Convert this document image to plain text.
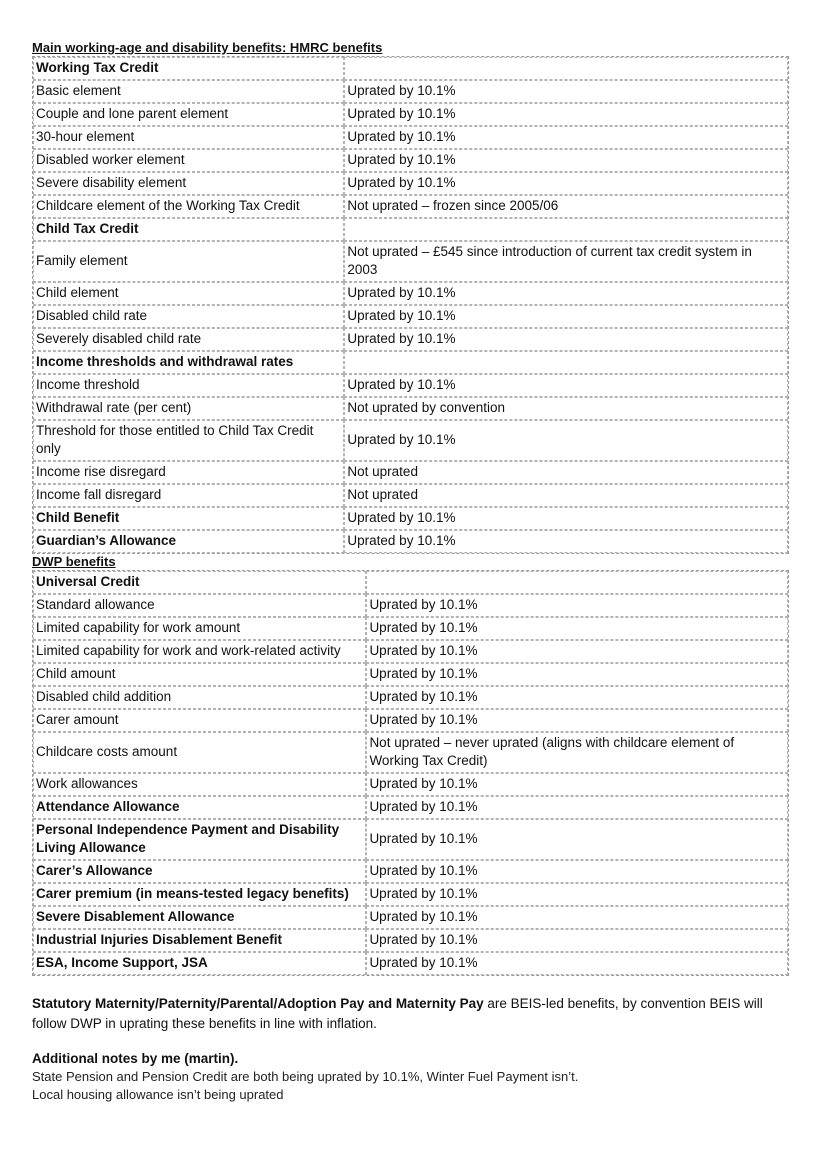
Main working-age and disability benefits: HMRC benefits
Working Tax Credit	
Basic element	Uprated by 10.1%
Couple and lone parent element	Uprated by 10.1%
30-hour element	Uprated by 10.1%
Disabled worker element	Uprated by 10.1%
Severe disability element	Uprated by 10.1%
Childcare element of the Working Tax Credit	Not uprated – frozen since 2005/06
Child Tax Credit	
Family element	Not uprated – £545 since introduction of current tax credit system in 2003
Child element	Uprated by 10.1%
Disabled child rate	Uprated by 10.1%
Severely disabled child rate	Uprated by 10.1%
Income thresholds and withdrawal rates	
Income threshold	Uprated by 10.1%
Withdrawal rate (per cent)	Not uprated by convention
Threshold for those entitled to Child Tax Credit only	Uprated by 10.1%
Income rise disregard	Not uprated
Income fall disregard	Not uprated
Child Benefit	Uprated by 10.1%
Guardian’s Allowance	Uprated by 10.1%
DWP benefits
Universal Credit	
Standard allowance	Uprated by 10.1%
Limited capability for work amount	Uprated by 10.1%
Limited capability for work and work-related activity	Uprated by 10.1%
Child amount	Uprated by 10.1%
Disabled child addition	Uprated by 10.1%
Carer amount	Uprated by 10.1%
Childcare costs amount	Not uprated – never uprated (aligns with childcare element of Working Tax Credit)
Work allowances	Uprated by 10.1%
Attendance Allowance	Uprated by 10.1%
Personal Independence Payment and Disability Living Allowance	Uprated by 10.1%
Carer’s Allowance	Uprated by 10.1%
Carer premium (in means-tested legacy benefits)	Uprated by 10.1%
Severe Disablement Allowance	Uprated by 10.1%
Industrial Injuries Disablement Benefit	Uprated by 10.1%
ESA, Income Support, JSA	Uprated by 10.1%
Statutory Maternity/Paternity/Parental/Adoption Pay and Maternity Pay are BEIS-led benefits, by convention BEIS will follow DWP in uprating these benefits in line with inflation.
Additional notes by me (martin).
State Pension and Pension Credit are both being uprated by 10.1%, Winter Fuel Payment isn’t.
Local housing allowance isn’t being uprated
